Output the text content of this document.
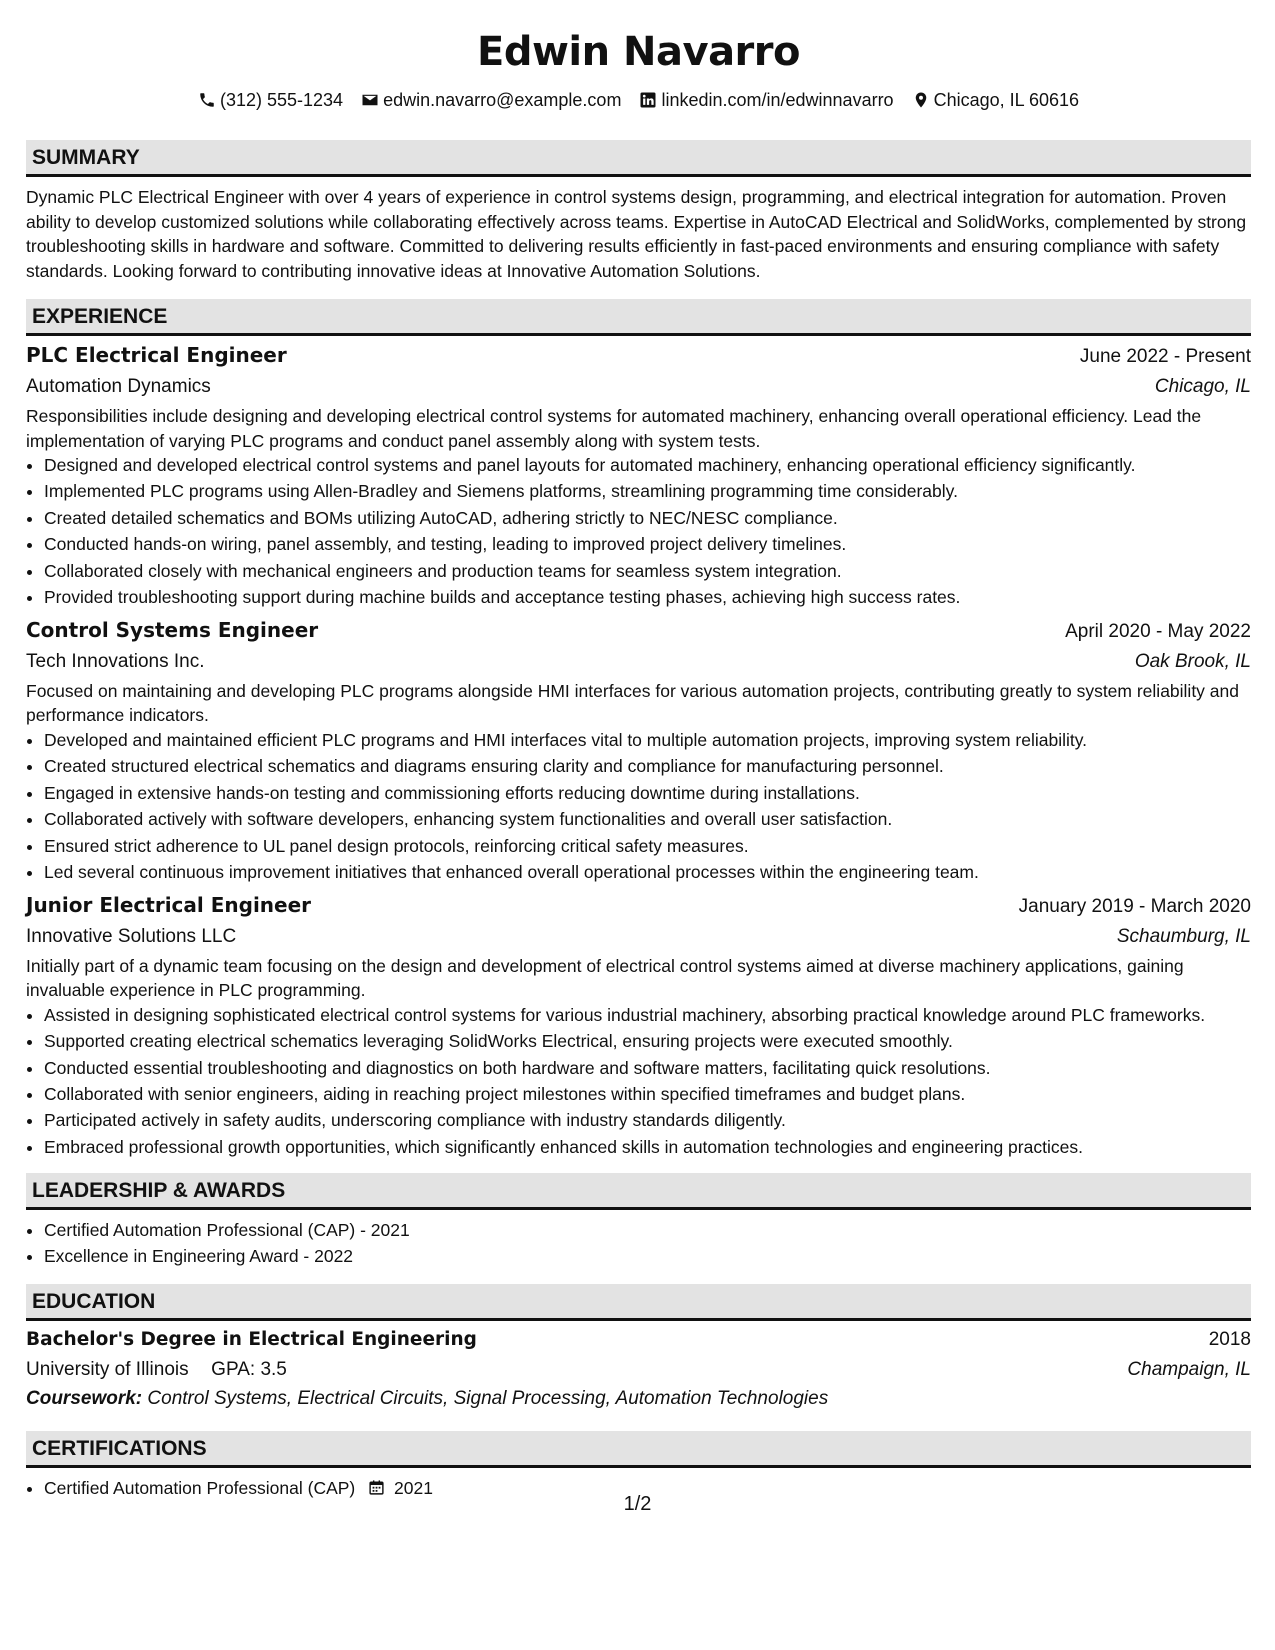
Edwin Navarro
(312) 555-1234 edwin.navarro@example.com linkedin.com/in/edwinnavarro Chicago, IL 60616
SUMMARY

Dynamic PLC Electrical Engineer with over 4 years of experience in control systems design, programming, and electrical integration for automation. Proven ability to develop customized solutions while collaborating effectively across teams. Expertise in AutoCAD Electrical and SolidWorks, complemented by strong troubleshooting skills in hardware and software. Committed to delivering results efficiently in fast-paced environments and ensuring compliance with safety standards. Looking forward to contributing innovative ideas at Innovative Automation Solutions.

EXPERIENCE
PLC Electrical Engineer	June 2022 - Present
Automation Dynamics	Chicago, IL

Responsibilities include designing and developing electrical control systems for automated machinery, enhancing overall operational efficiency. Lead the implementation of varying PLC programs and conduct panel assembly along with system tests.

• Designed and developed electrical control systems and panel layouts for automated machinery, enhancing operational efficiency significantly.
• Implemented PLC programs using Allen-Bradley and Siemens platforms, streamlining programming time considerably.
• Created detailed schematics and BOMs utilizing AutoCAD, adhering strictly to NEC/NESC compliance.
• Conducted hands-on wiring, panel assembly, and testing, leading to improved project delivery timelines.
• Collaborated closely with mechanical engineers and production teams for seamless system integration.
• Provided troubleshooting support during machine builds and acceptance testing phases, achieving high success rates.
Control Systems Engineer	April 2020 - May 2022
Tech Innovations Inc.	Oak Brook, IL

Focused on maintaining and developing PLC programs alongside HMI interfaces for various automation projects, contributing greatly to system reliability and performance indicators.

• Developed and maintained efficient PLC programs and HMI interfaces vital to multiple automation projects, improving system reliability.
• Created structured electrical schematics and diagrams ensuring clarity and compliance for manufacturing personnel.
• Engaged in extensive hands-on testing and commissioning efforts reducing downtime during installations.
• Collaborated actively with software developers, enhancing system functionalities and overall user satisfaction.
• Ensured strict adherence to UL panel design protocols, reinforcing critical safety measures.
• Led several continuous improvement initiatives that enhanced overall operational processes within the engineering team.
Junior Electrical Engineer	January 2019 - March 2020
Innovative Solutions LLC	Schaumburg, IL

Initially part of a dynamic team focusing on the design and development of electrical control systems aimed at diverse machinery applications, gaining invaluable experience in PLC programming.

• Assisted in designing sophisticated electrical control systems for various industrial machinery, absorbing practical knowledge around PLC frameworks.
• Supported creating electrical schematics leveraging SolidWorks Electrical, ensuring projects were executed smoothly.
• Conducted essential troubleshooting and diagnostics on both hardware and software matters, facilitating quick resolutions.
• Collaborated with senior engineers, aiding in reaching project milestones within specified timeframes and budget plans.
• Participated actively in safety audits, underscoring compliance with industry standards diligently.
• Embraced professional growth opportunities, which significantly enhanced skills in automation technologies and engineering practices.
LEADERSHIP & AWARDS
• Certified Automation Professional (CAP) - 2021
• Excellence in Engineering Award - 2022
EDUCATION
Bachelor's Degree in Electrical Engineering	2018
University of Illinois GPA: 3.5	Champaign, IL
Coursework: Control Systems, Electrical Circuits, Signal Processing, Automation Technologies
CERTIFICATIONS
• Certified Automation Professional (CAP) 2021
1/2
